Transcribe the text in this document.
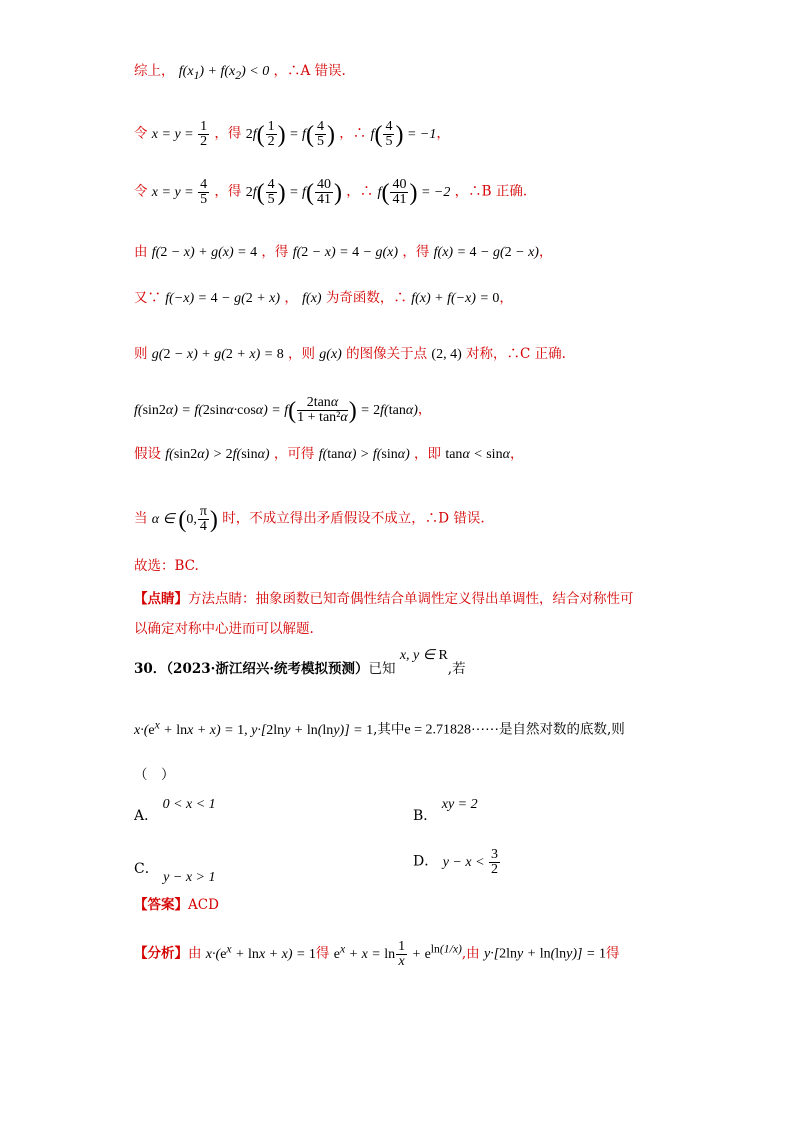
综上， $f(x_1) + f(x_2) < 0$ ，∴A 错误.
令 $x = y = \frac{1}{2}$ ，得 $2f( \frac{1}{2}$ ) = $f( \frac{4}{5}$ ) ，∴ $f( \frac{4}{5}$ ) = −1，
令 $x = y = \frac{4}{5}$ ，得 $2f( \frac{4}{5}$ ) = $f( \frac{40}{41}$ ) ，∴ $f( \frac{40}{41}$ ) = −2 ，∴B 正确.
由 f(2 − x) + g(x) = 4 ，得 f(2 − x) = 4 − g(x) ，得 f(x) = 4 − g(2 − x)，
又∵ f(−x) = 4 − g(2 + x) ， f(x) 为奇函数，∴ f(x) + f(−x) = 0，
则 g(2 − x) + g(2 + x) = 8 ，则 g(x) 的图像关于点 (2, 4) 对称，∴C 正确.
$f(\sin 2\alpha) = f(2\sin\alpha\cdot\cos\alpha) = f( \frac{2\tan\alpha}{\text{1 + tan²α}}$ ) = 2f(tanα)，
假设 f(sin2α) > 2f(sinα) ，可得 f(tanα) > f(sinα) ，即 tanα < sinα，
当 α ∈ (0, $\frac{\pi}{4}$ ) 时，不成立得出矛盾假设不成立，∴D 错误.
故选：BC.
【点睛】方法点睛：抽象函数已知奇偶性结合单调性定义得出单调性，结合对称性可
以确定对称中心进而可以解题.
30．（2023·浙江绍兴·统考模拟预测）已知 x, y ∈ R,若
$x\cdot(e^x + \ln x + x) = 1$, y·[2lny + ln(lny)] = 1,其中e = 2.71828⋯⋯是自然对数的底数,则
（　）
A． 0 < x < 1
B． xy = 2
C． y − x > 1
D． $y - x < \frac{3}{2}$
【答案】ACD
【分析】由 $x\cdot(e^x + \ln x + x) = 1$得 $e^x + x = \ln \frac{1}{x} + e^{ln(1/x)}$,由 y·[2lny + ln(lny)] = 1得
